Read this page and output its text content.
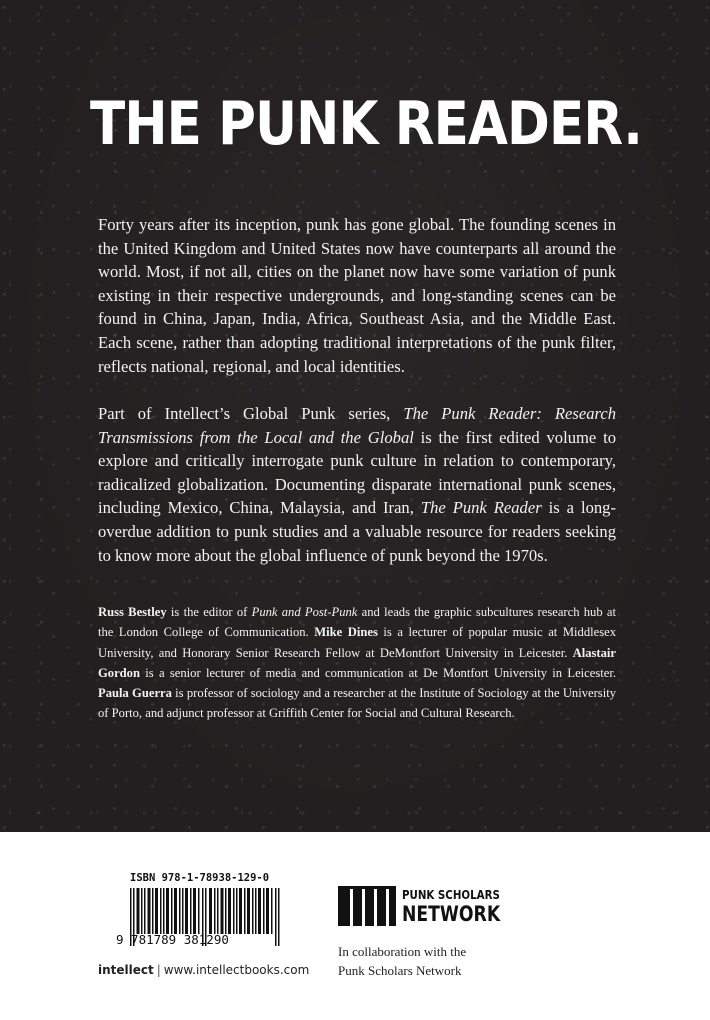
THE PUNK READER.

Forty years after its inception, punk has gone global. The founding scenes in the United Kingdom and United States now have counterparts all around the world. Most, if not all, cities on the planet now have some variation of punk existing in their respective undergrounds, and long-standing scenes can be found in China, Japan, India, Africa, Southeast Asia, and the Middle East. Each scene, rather than adopting traditional interpretations of the punk filter, reflects national, regional, and local identities.

Part of Intellect’s Global Punk series, The Punk Reader: Research Transmissions from the Local and the Global is the first edited volume to explore and critically interrogate punk culture in relation to contemporary, radicalized globalization. Documenting disparate international punk scenes, including Mexico, China, Malaysia, and Iran, The Punk Reader is a long-overdue addition to punk studies and a valuable resource for readers seeking to know more about the global influence of punk beyond the 1970s.

Russ Bestley is the editor of Punk and Post-Punk and leads the graphic subcultures research hub at the London College of Communication. Mike Dines is a lecturer of popular music at Middlesex University, and Honorary Senior Research Fellow at DeMontfort University in Leicester. Alastair Gordon is a senior lecturer of media and communication at De Montfort University in Leicester. Paula Guerra is professor of sociology and a researcher at the Institute of Sociology at the University of Porto, and adjunct professor at Griffith Center for Social and Cultural Research.

ISBN 978-1-78938-129-0

9 781789 381290

intellect | www.intellectbooks.com

PUNK SCHOLARS
NETWORK

In collaboration with the
Punk Scholars Network
